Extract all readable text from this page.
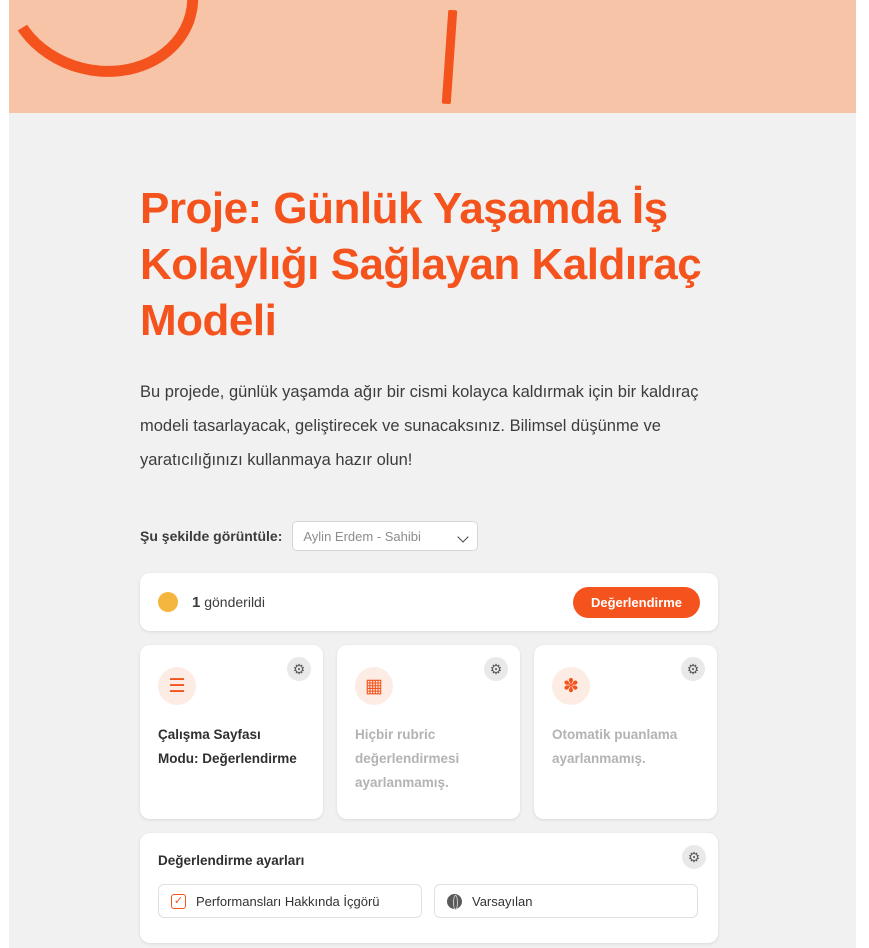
Proje: Günlük Yaşamda İş Kolaylığı Sağlayan Kaldıraç Modeli

Bu projede, günlük yaşamda ağır bir cismi kolayca kaldırmak için bir kaldıraç modeli tasarlayacak, geliştirecek ve sunacaksınız. Bilimsel düşünme ve yaratıcılığınızı kullanmaya hazır olun!

Şu şekilde görüntüle: Aylin Erdem - Sahibi
1 gönderildi	Değerlendirme
⚙
☰
Çalışma Sayfası Modu: Değerlendirme
⚙
▦
Hiçbir rubric değerlendirmesi ayarlanmamış.
⚙
✽
Otomatik puanlama ayarlanmamış.
⚙
Değerlendirme ayarları
✓ Performansları Hakkında İçgörü	Varsayılan
